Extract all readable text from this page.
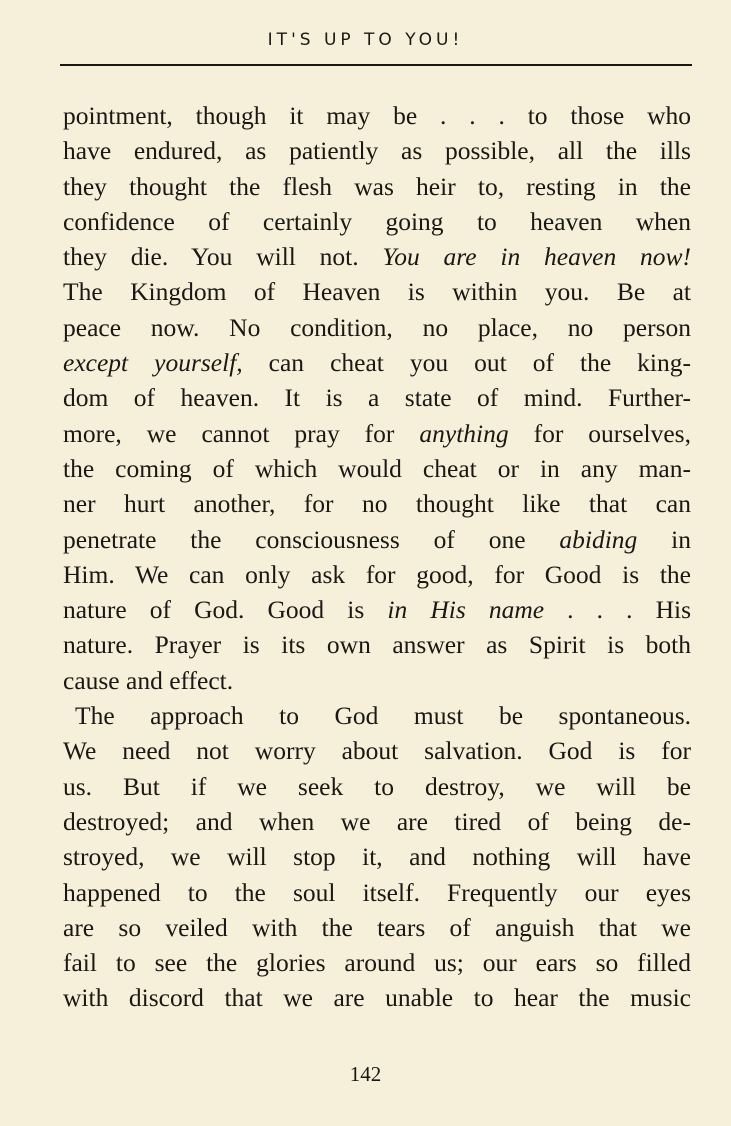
IT'S UP TO YOU!
pointment, though it may be . . . to those who
have endured, as patiently as possible, all the ills
they thought the flesh was heir to, resting in the
confidence of certainly going to heaven when
they die. You will not. You are in heaven now!
The Kingdom of Heaven is within you. Be at
peace now. No condition, no place, no person
except yourself, can cheat you out of the king-
dom of heaven. It is a state of mind. Further-
more, we cannot pray for anything for ourselves,
the coming of which would cheat or in any man-
ner hurt another, for no thought like that can
penetrate the consciousness of one abiding in
Him. We can only ask for good, for Good is the
nature of God. Good is in His name . . . His
nature. Prayer is its own answer as Spirit is both
cause and effect.
The approach to God must be spontaneous.
We need not worry about salvation. God is for
us. But if we seek to destroy, we will be
destroyed; and when we are tired of being de-
stroyed, we will stop it, and nothing will have
happened to the soul itself. Frequently our eyes
are so veiled with the tears of anguish that we
fail to see the glories around us; our ears so filled
with discord that we are unable to hear the music
142
